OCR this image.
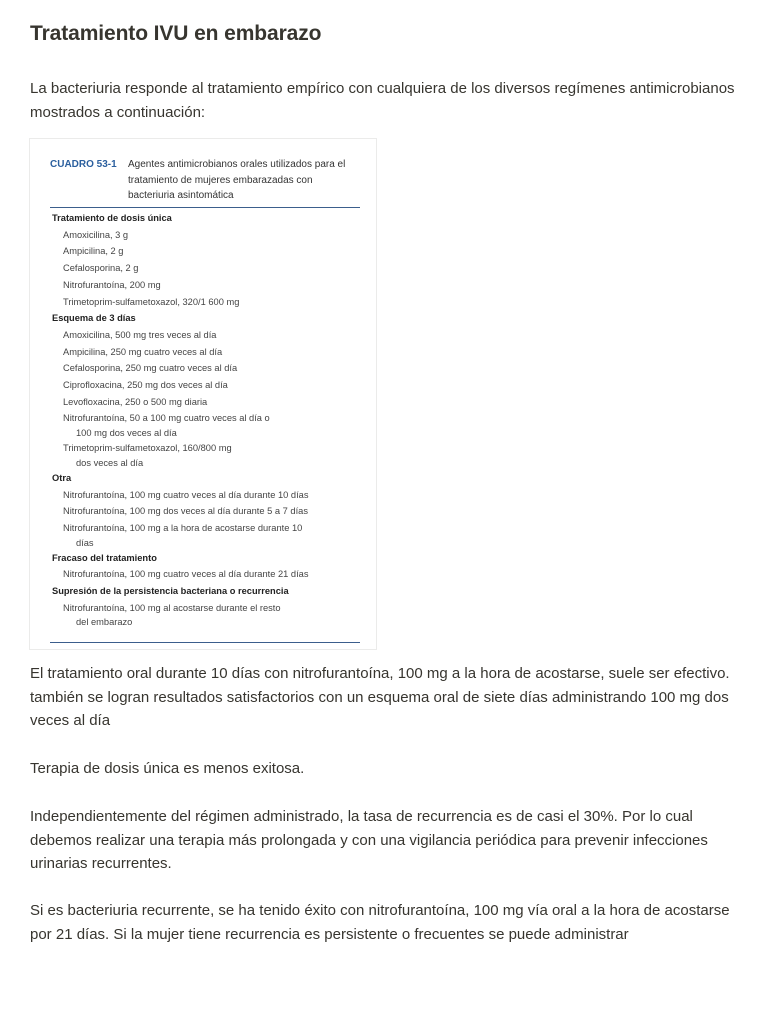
Tratamiento IVU en embarazo

La bacteriuria responde al tratamiento empírico con cualquiera de los diversos regímenes antimicrobianos mostrados a continuación:

CUADRO 53-1	Agentes antimicrobianos orales utilizados para el tratamiento de mujeres embarazadas con bacteriuria asintomática
Tratamiento de dosis única
Amoxicilina, 3 g
Ampicilina, 2 g
Cefalosporina, 2 g
Nitrofurantoína, 200 mg
Trimetoprim-sulfametoxazol, 320/1 600 mg
Esquema de 3 días
Amoxicilina, 500 mg tres veces al día
Ampicilina, 250 mg cuatro veces al día
Cefalosporina, 250 mg cuatro veces al día
Ciprofloxacina, 250 mg dos veces al día
Levofloxacina, 250 o 500 mg diaria
Nitrofurantoína, 50 a 100 mg cuatro veces al día o
100 mg dos veces al día
Trimetoprim-sulfametoxazol, 160/800 mg
dos veces al día
Otra
Nitrofurantoína, 100 mg cuatro veces al día durante 10 días
Nitrofurantoína, 100 mg dos veces al día durante 5 a 7 días
Nitrofurantoína, 100 mg a la hora de acostarse durante 10
días
Fracaso del tratamiento
Nitrofurantoína, 100 mg cuatro veces al día durante 21 días
Supresión de la persistencia bacteriana o recurrencia
Nitrofurantoína, 100 mg al acostarse durante el resto
del embarazo

El tratamiento oral durante 10 días con nitrofurantoína, 100 mg a la hora de acostarse, suele ser efectivo. también se logran resultados satisfactorios con un esquema oral de siete días administrando 100 mg dos veces al día

Terapia de dosis única es menos exitosa.

Independientemente del régimen administrado, la tasa de recurrencia es de casi el 30%. Por lo cual debemos realizar una terapia más prolongada y con una vigilancia periódica para prevenir infecciones urinarias recurrentes.

Si es bacteriuria recurrente, se ha tenido éxito con nitrofurantoína, 100 mg vía oral a la hora de acostarse por 21 días. Si la mujer tiene recurrencia es persistente o frecuentes se puede administrar
